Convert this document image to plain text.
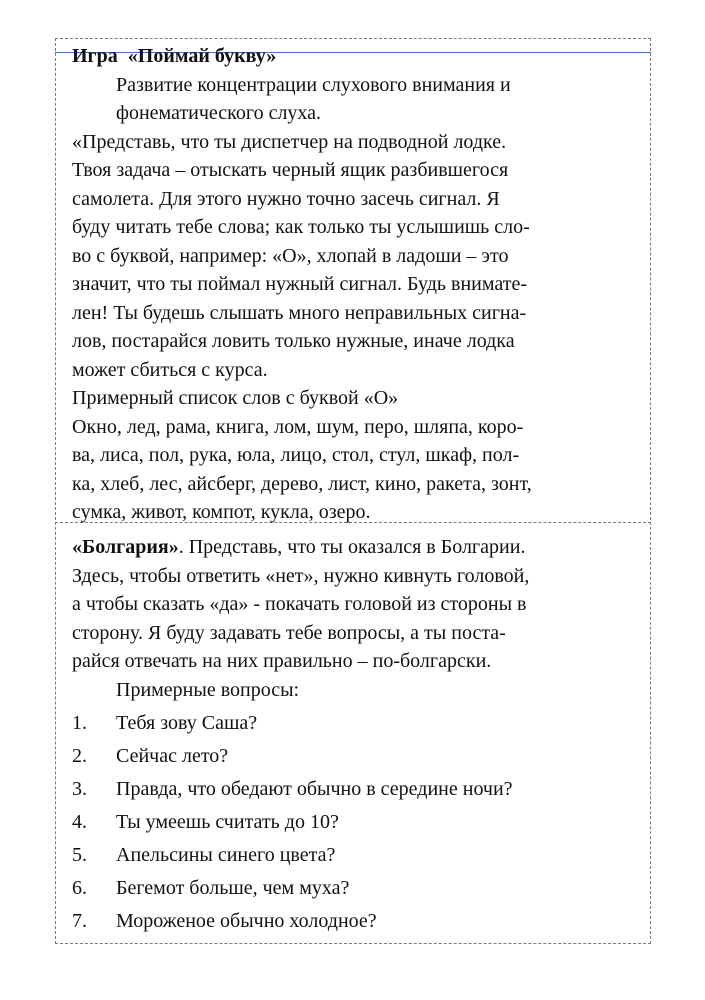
Игра  «Поймай букву»

Развитие концентрации слухового внимания и

фонематического слуха.

«Представь, что ты диспетчер на подводной лодке.
Твоя задача – отыскать черный ящик разбившегося
самолета. Для этого нужно точно засечь сигнал. Я
буду читать тебе слова; как только ты услышишь сло-
во с буквой, например: «О», хлопай в ладоши – это
значит, что ты поймал нужный сигнал. Будь внимате-
лен! Ты будешь слышать много неправильных сигна-
лов, постарайся ловить только нужные, иначе лодка
может сбиться с курса.

Примерный список слов с буквой «О»

Окно, лед, рама, книга, лом, шум, перо, шляпа, коро-
ва, лиса, пол, рука, юла, лицо, стол, стул, шкаф, пол-
ка, хлеб, лес, айсберг, дерево, лист, кино, ракета, зонт,
сумка, живот, компот, кукла, озеро.

«Болгария». Представь, что ты оказался в Болгарии.
Здесь, чтобы ответить «нет», нужно кивнуть головой,
а чтобы сказать «да» - покачать головой из стороны в
сторону. Я буду задавать тебе вопросы, а ты поста-
райся отвечать на них правильно – по-болгарски.

Примерные вопросы:

1.	Тебя зову Саша?
2.	Сейчас лето?
3.	Правда, что обедают обычно в середине ночи?
4.	Ты умеешь считать до 10?
5.	Апельсины синего цвета?
6.	Бегемот больше, чем муха?
7.	Мороженое обычно холодное?
